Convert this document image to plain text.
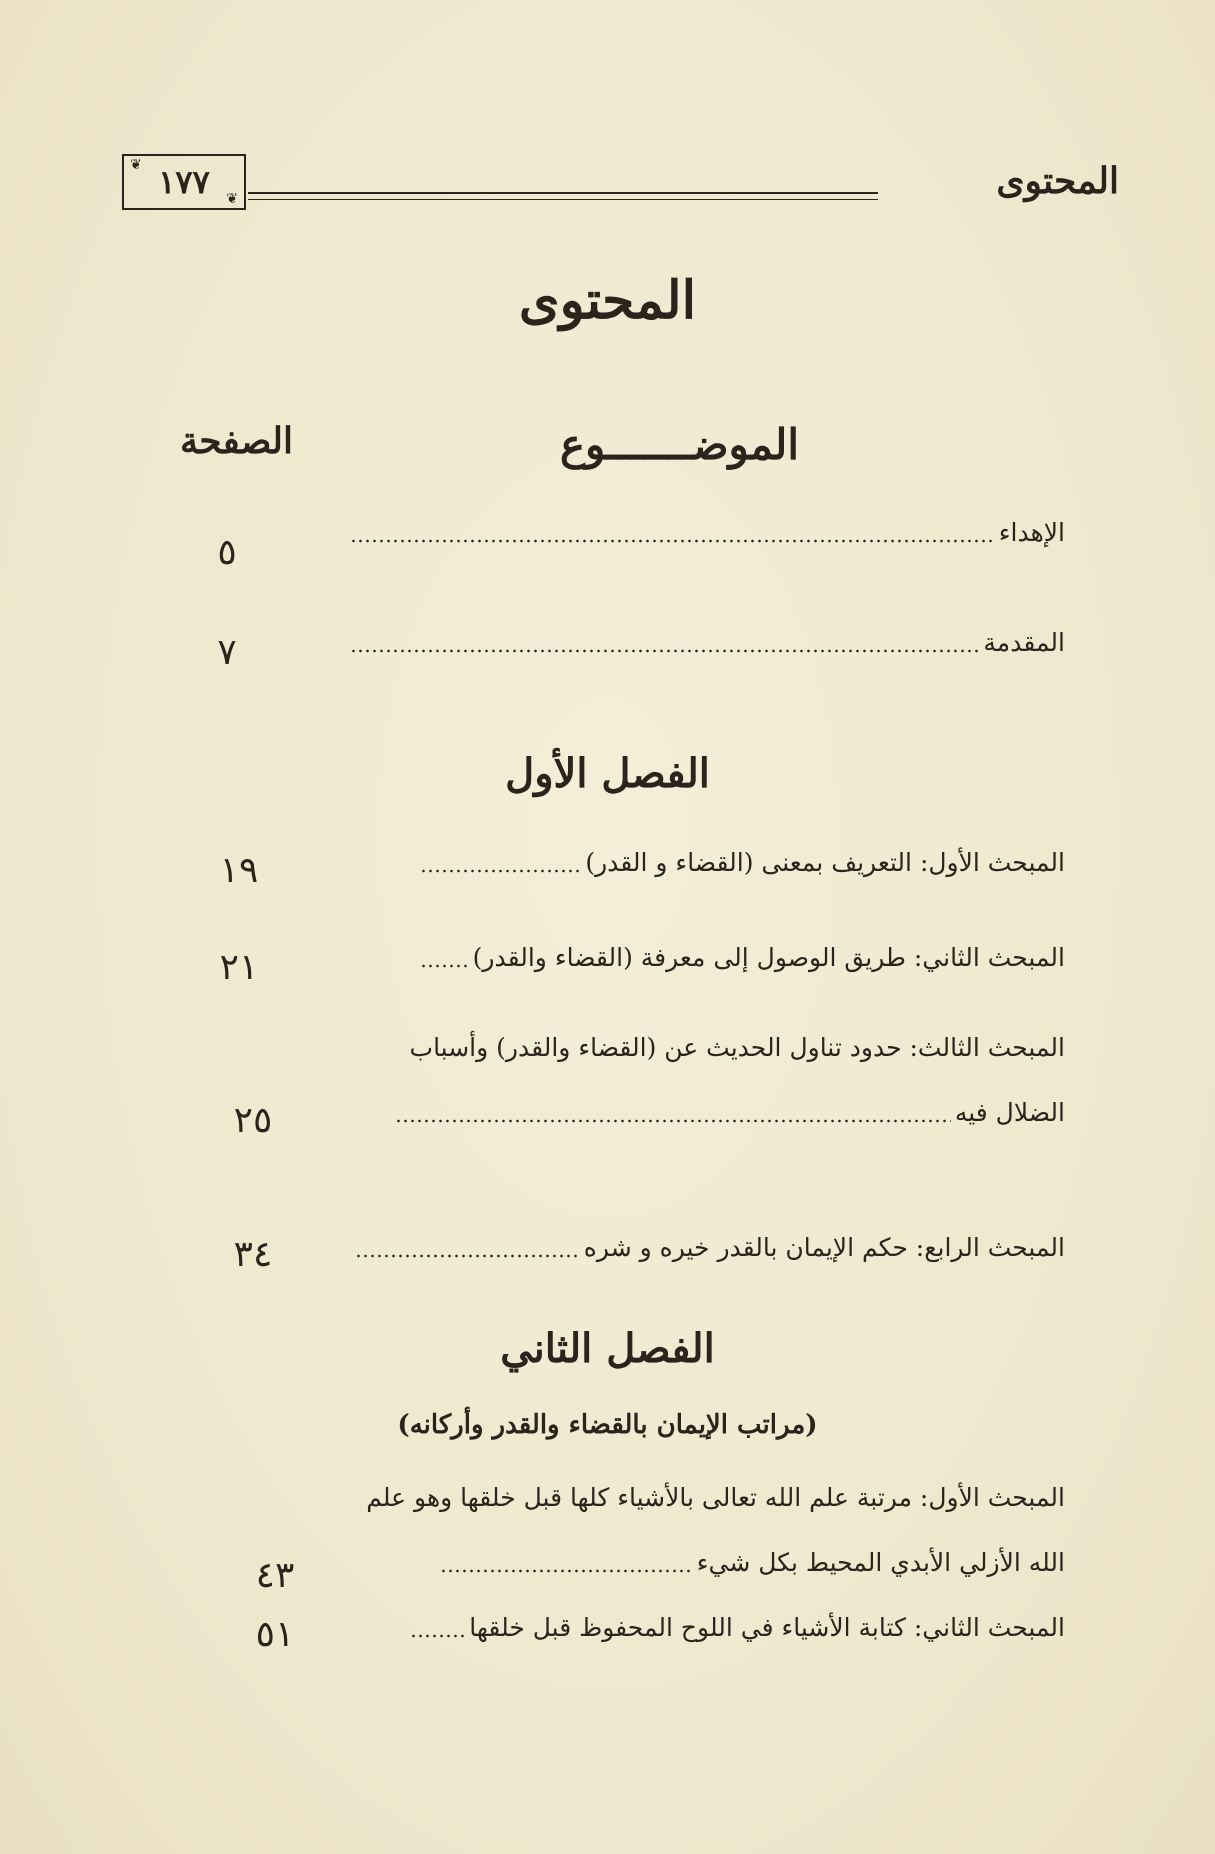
المحتوى
❦ ١٧٧ ❦
المحتوى
الموضـــــــوع
الصفحة
الإهداء
٥
المقدمة
٧
الفصل الأول
المبحث الأول: التعريف بمعنى (القضاء و القدر)
١٩
المبحث الثاني: طريق الوصول إلى معرفة (القضاء والقدر)
٢١
المبحث الثالث: حدود تناول الحديث عن (القضاء والقدر) وأسباب
الضلال فيه
٢٥
المبحث الرابع: حكم الإيمان بالقدر خيره و شره
٣٤
الفصل الثاني
(مراتب الإيمان بالقضاء والقدر وأركانه)
المبحث الأول: مرتبة علم الله تعالى بالأشياء كلها قبل خلقها وهو علم
الله الأزلي الأبدي المحيط بكل شيء
٤٣
المبحث الثاني: كتابة الأشياء في اللوح المحفوظ قبل خلقها
٥١
